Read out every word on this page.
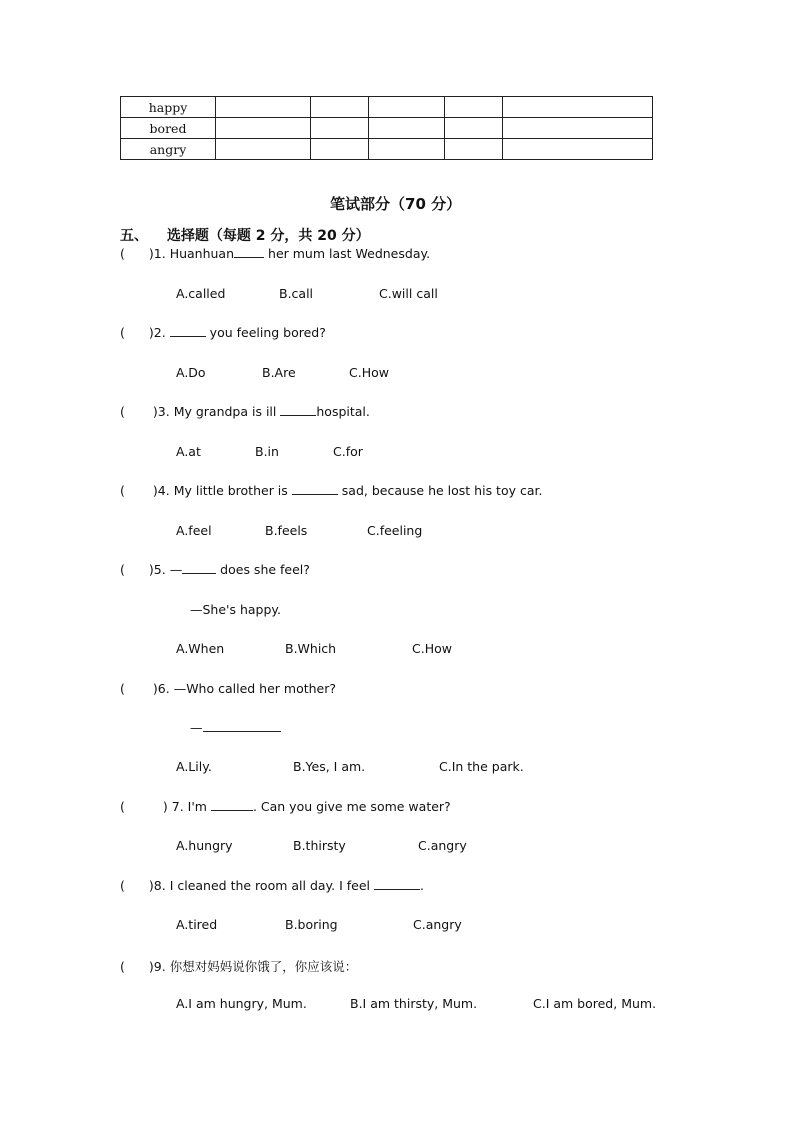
happy					
bored					
angry					
笔试部分（70 分）
五、 选择题（每题 2 分，共 20 分）
( )1. Huanhuan	her mum last Wednesday.
A.called	B.call	C.will call
( )2.	you feeling bored?
A.Do	B.Are	C.How
( )3. My grandpa is ill	hospital.
A.at	B.in	C.for
( )4. My little brother is	sad, because he lost his toy car.
A.feel	B.feels	C.feeling
( )5. —	does she feel?
—She's happy.
A.When	B.Which	C.How
( )6. —Who called her mother?
—
A.Lily.	B.Yes, I am.	C.In the park.
(	) 7. I'm	. Can you give me some water?
A.hungry	B.thirsty	C.angry
( )8. I cleaned the room all day. I feel	.
A.tired	B.boring	C.angry
( )9. 你想对妈妈说你饿了，你应该说：
A.I am hungry, Mum.	B.I am thirsty, Mum.	C.I am bored, Mum.
